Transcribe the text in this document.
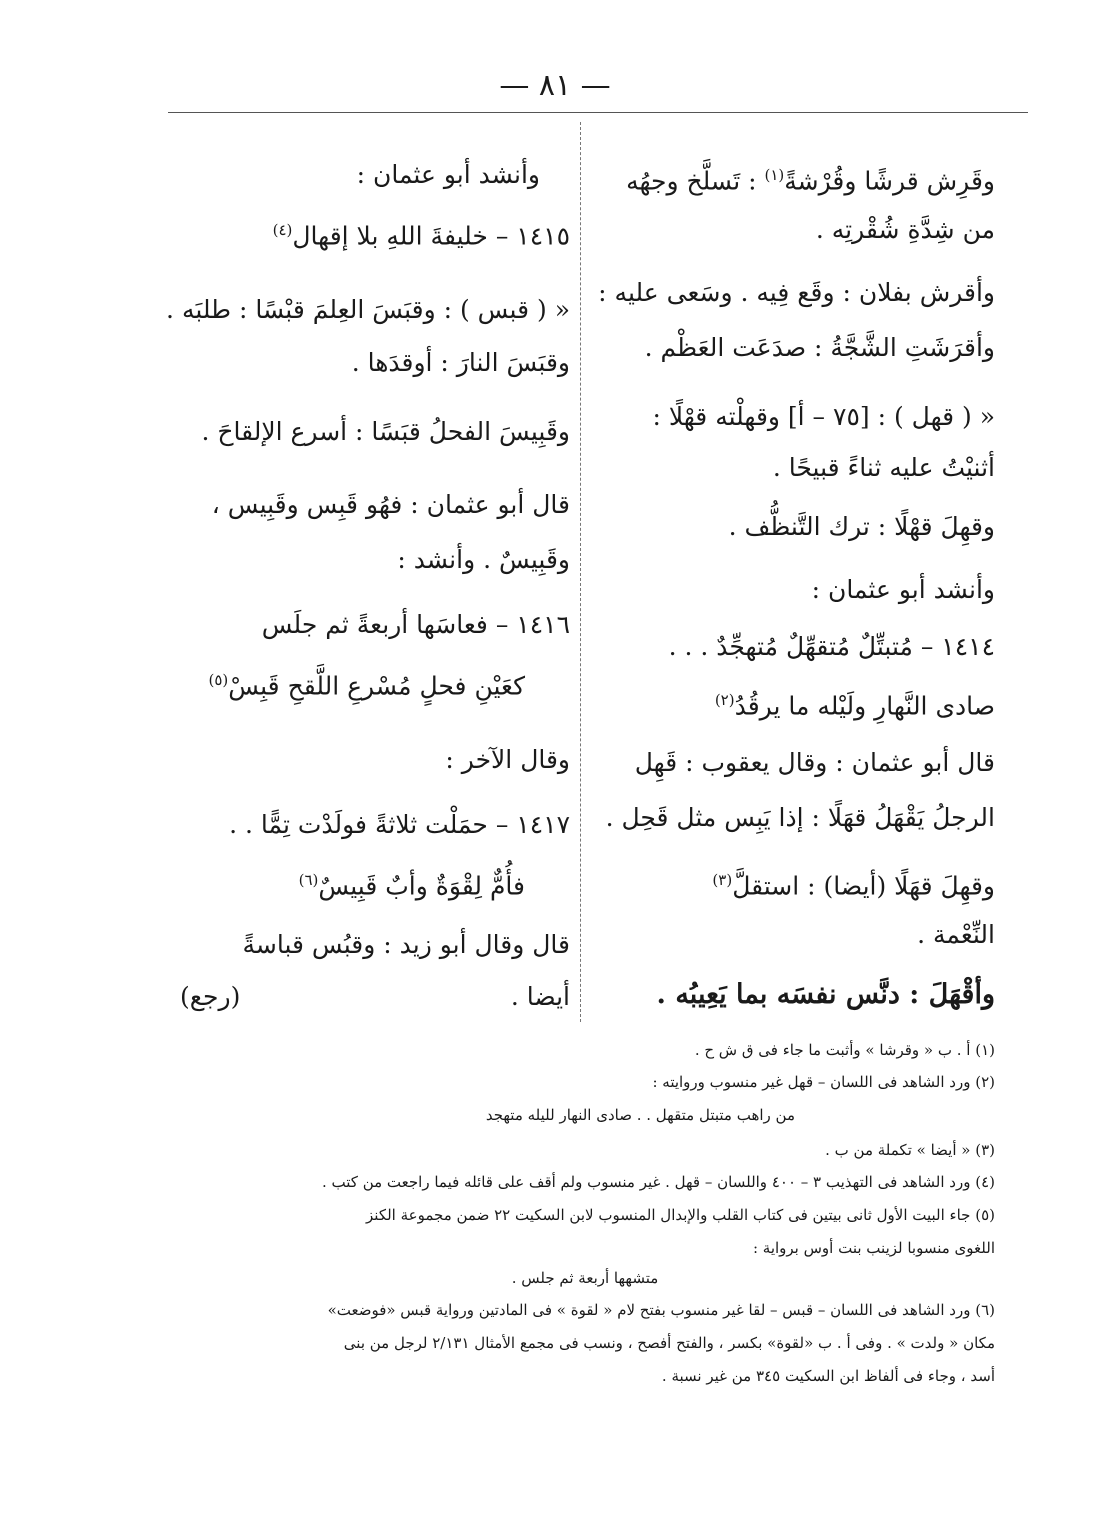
— ٨١ —
وقَرِش قرشًا وقُرْشةً$^{(١)}$ : تَسلَّخ وجهُه
من شِدَّةِ شُقْرتِه .
وأقرش بفلان : وقَع فِيه . وسَعى عليه :
وأقرَشَتِ الشَّجَّةُ : صدَعَت العَظْم .
« ( قهل ) : [٧٥ – أ] وقهلْته قهْلًا :
أثنيْتُ عليه ثناءً قبيحًا .
وقهِلَ قهْلًا : ترك التَّنظُّف .
وأنشد أبو عثمان :
١٤١٤ – مُتبتِّلٌ مُتقهِّلٌ مُتهجِّدٌ . . .
صادى النَّهارِ ولَيْله ما يرقُدُ$^{(٢)}$
قال أبو عثمان : وقال يعقوب : قَهِل
الرجلُ يَقْهَلُ قهَلًا : إذا يَبِس مثل قَحِل .
وقهِلَ قهَلًا (أيضا) : استقلَّ$^{(٣)}$
النِّعْمة .
وأقْهَلَ : دنَّس نفسَه بما يَعِيبُه .
وأنشد أبو عثمان :
١٤١٥ – خليفةَ اللهِ بلا إقهال$^{(٤)}$
« ( قبس ) : وقبَسَ العِلمَ قبْسًا : طلبَه .
وقبَسَ النارَ : أوقدَها .
وقَبِيسَ الفحلُ قبَسًا : أسرع الإلقاحَ .
قال أبو عثمان : فهُو قَبِس وقَبِيس ،
وقَبِيسٌ . وأنشد :
١٤١٦ – فعاسَها أربعةً ثم جلَس
كعَيْنِ فحلٍ مُسْرعِ اللَّقحِ قَبِسْ$^{(٥)}$
وقال الآخر :
١٤١٧ – حمَلْت ثلاثةً فولَدْت تِمًّا . .
فأُمٌّ لِقْوَةٌ وأبٌ قَبِيسٌ$^{(٦)}$
قال وقال أبو زيد : وقبُس قباسةً
أيضا .
(رجع)
(١) أ . ب « وقرشا » وأثبت ما جاء فى ق ش ح .
(٢) ورد الشاهد فى اللسان – قهل غير منسوب وروايته :
من راهب متبتل متقهل . . صادى النهار لليله متهجد
(٣) « أيضا » تكملة من ب .
(٤) ورد الشاهد فى التهذيب ٣ – ٤٠٠ واللسان – قهل . غير منسوب ولم أقف على قائله فيما راجعت من كتب .
(٥) جاء البيت الأول ثانى بيتين فى كتاب القلب والإبدال المنسوب لابن السكيت ٢٢ ضمن مجموعة الكنز
اللغوى منسوبا لزينب بنت أوس برواية :
متشهها أربعة ثم جلس .
(٦) ورد الشاهد فى اللسان – قبس – لقا غير منسوب بفتح لام « لقوة » فى المادتين ورواية قبس «فوضعت»
مكان « ولدت » . وفى أ . ب «لقوة» بكسر ، والفتح أفصح ، ونسب فى مجمع الأمثال ٢/١٣١ لرجل من بنى
أسد ، وجاء فى ألفاظ ابن السكيت ٣٤٥ من غير نسبة .
